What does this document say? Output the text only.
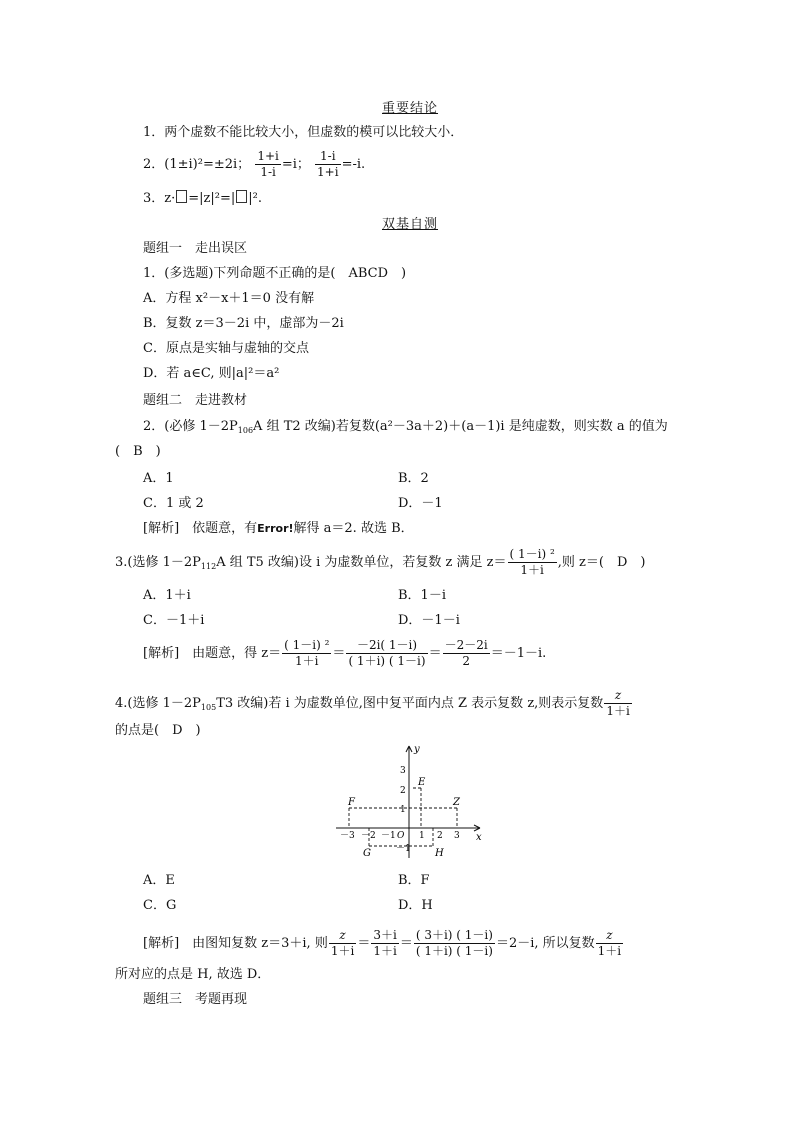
重要结论
1．两个虚数不能比较大小，但虚数的模可以比较大小．
2．(1±i)²=±2i； $\frac{1+i}{1-i} =i$； $\frac{1-i}{1+i} =-i$.
3．z· =|z|²=| |².
双基自测
题组一　走出误区
1．(多选题)下列命题不正确的是(　ABCD　)
A．方程 x²－x＋1＝0 没有解
B．复数 z＝3－2i 中，虚部为－2i
C．原点是实轴与虚轴的交点
D．若 a∈C, 则|a|²＝a²
题组二　走进教材
2．(必修 $1-2P_{106}A$ 组 T2 改编)若复数(a²－3a＋2)＋(a－1)i 是纯虚数，则实数 a 的值为
(　B　)
A．1	B．2
C．1 或 2	D．－1
[解析]　依题意，有Error!解得 a＝2. 故选 B．
3.(选修 $1-2P_{112}A$ 组 T5 改编)设 i 为虚数单位，若复数 z 满足 $z= \frac{\text{( 1－i) ²}}{1+i}$ ,则 z＝(　D　)
A．1＋i	B．1－i
C．－1＋i	D．－1－i
[解析]　由题意，得 $z= \frac{\text{( 1－i) ²}}{1+i} = \frac{-2i( 1-i)}{( 1+i) ( 1-i)} = \frac{-2-2i}{2} =-1-i$.
4.(选修 $1-2P_{105}T3$ 改编)若 i 为虚数单位,图中复平面内点 Z 表示复数 z,则表示复数 $\frac{z}{1+i}$
的点是(　D　)
y
x
O
－3 －2 －1	1 2 3
3
2
1
－1
E
F	Z
G	H
A．E	B．F
C．G	D．H
[解析]　由图知复数 z＝3＋i, 则 $\frac{z}{1+i} = \frac{3+i}{1+i} = \frac{( 3+i) ( 1-i)}{( 1+i) ( 1-i)} =2-i$, 所以复数 $\frac{z}{1+i}$
所对应的点是 H, 故选 D．
题组三　考题再现
